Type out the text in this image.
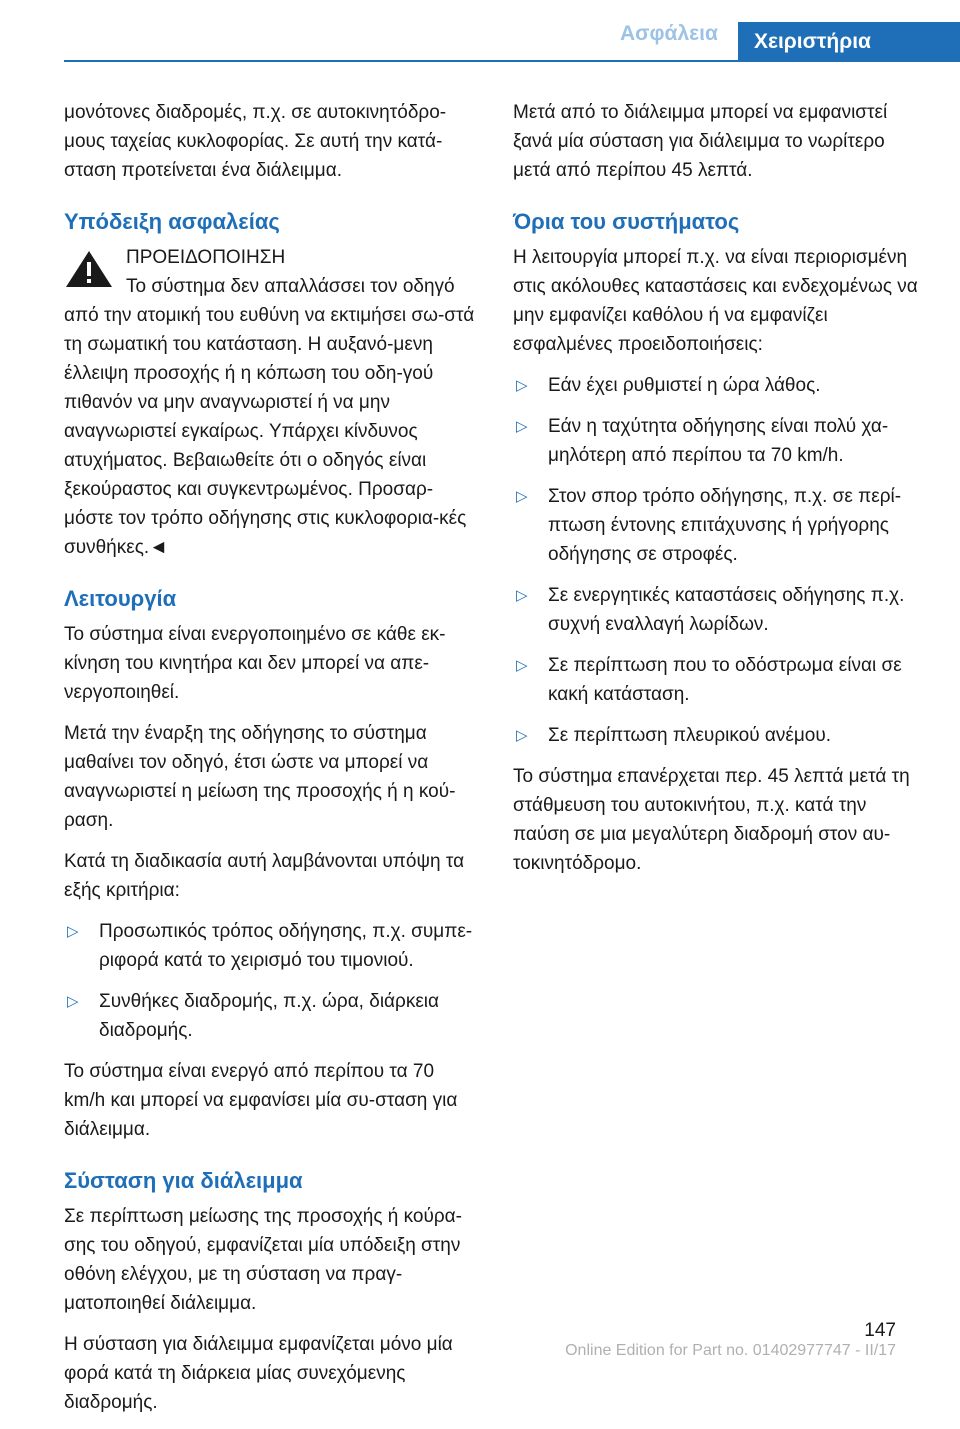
Ασφάλεια	Χειριστήρια

μονότονες διαδρομές, π.χ. σε αυτοκινητόδρο-μους ταχείας κυκλοφορίας. Σε αυτή την κατά-σταση προτείνεται ένα διάλειμμα.

Υπόδειξη ασφαλείας
ΠΡΟΕΙΔΟΠΟΙΗΣΗ
Το σύστημα δεν απαλλάσσει τον οδηγό από την ατομική του ευθύνη να εκτιμήσει σω-στά τη σωματική του κατάσταση. Η αυξανό-μενη έλλειψη προσοχής ή η κόπωση του οδη-γού πιθανόν να μην αναγνωριστεί ή να μην αναγνωριστεί εγκαίρως. Υπάρχει κίνδυνος ατυχήματος. Βεβαιωθείτε ότι ο οδηγός είναι ξεκούραστος και συγκεντρωμένος. Προσαρ-μόστε τον τρόπο οδήγησης στις κυκλοφορια-κές συνθήκες.◄
Λειτουργία

Το σύστημα είναι ενεργοποιημένο σε κάθε εκ-κίνηση του κινητήρα και δεν μπορεί να απε-νεργοποιηθεί.

Μετά την έναρξη της οδήγησης το σύστημα μαθαίνει τον οδηγό, έτσι ώστε να μπορεί να αναγνωριστεί η μείωση της προσοχής ή η κού-ραση.

Κατά τη διαδικασία αυτή λαμβάνονται υπόψη τα εξής κριτήρια:

▷ Προσωπικός τρόπος οδήγησης, π.χ. συμπε-ριφορά κατά το χειρισμό του τιμονιού.
▷ Συνθήκες διαδρομής, π.χ. ώρα, διάρκεια διαδρομής.

Το σύστημα είναι ενεργό από περίπου τα 70 km/h και μπορεί να εμφανίσει μία συ-σταση για διάλειμμα.

Σύσταση για διάλειμμα

Σε περίπτωση μείωσης της προσοχής ή κούρα-σης του οδηγού, εμφανίζεται μία υπόδειξη στην οθόνη ελέγχου, με τη σύσταση να πραγ-ματοποιηθεί διάλειμμα.

Η σύσταση για διάλειμμα εμφανίζεται μόνο μία φορά κατά τη διάρκεια μίας συνεχόμενης διαδρομής.

Μετά από το διάλειμμα μπορεί να εμφανιστεί ξανά μία σύσταση για διάλειμμα το νωρίτερο μετά από περίπου 45 λεπτά.

Όρια του συστήματος

Η λειτουργία μπορεί π.χ. να είναι περιορισμένη στις ακόλουθες καταστάσεις και ενδεχομένως να μην εμφανίζει καθόλου ή να εμφανίζει εσφαλμένες προειδοποιήσεις:

▷ Εάν έχει ρυθμιστεί η ώρα λάθος.
▷ Εάν η ταχύτητα οδήγησης είναι πολύ χα-μηλότερη από περίπου τα 70 km/h.
▷ Στον σπορ τρόπο οδήγησης, π.χ. σε περί-πτωση έντονης επιτάχυνσης ή γρήγορης οδήγησης σε στροφές.
▷ Σε ενεργητικές καταστάσεις οδήγησης π.χ. συχνή εναλλαγή λωρίδων.
▷ Σε περίπτωση που το οδόστρωμα είναι σε κακή κατάσταση.
▷ Σε περίπτωση πλευρικού ανέμου.

Το σύστημα επανέρχεται περ. 45 λεπτά μετά τη στάθμευση του αυτοκινήτου, π.χ. κατά την παύση σε μια μεγαλύτερη διαδρομή στον αυ-τοκινητόδρομο.

147
Online Edition for Part no. 01402977747 - II/17
